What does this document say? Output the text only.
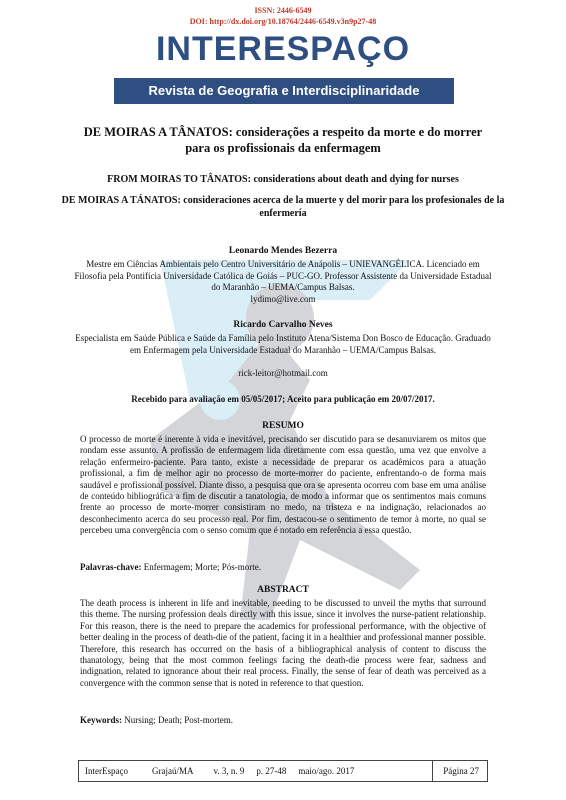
ISSN: 2446-6549
DOI: http://dx.doi.org/10.18764/2446-6549.v3n9p27-48
INTERESPAÇO
Revista de Geografia e Interdisciplinaridade
DE MOIRAS A TÂNATOS: considerações a respeito da morte e do morrer para os profissionais da enfermagem
FROM MOIRAS TO TÂNATOS: considerations about death and dying for nurses
DE MOIRAS A TÁNATOS: consideraciones acerca de la muerte y del morir para los profesionales de la enfermería
Leonardo Mendes Bezerra
Mestre em Ciências Ambientais pelo Centro Universitário de Anápolis – UNIEVANGÉLICA. Licenciado em Filosofia pela Pontifícia Universidade Católica de Goiás – PUC-GO. Professor Assistente da Universidade Estadual do Maranhão – UEMA/Campus Balsas.
lydimo@live.com
Ricardo Carvalho Neves
Especialista em Saúde Pública e Saúde da Família pelo Instituto Atena/Sistema Don Bosco de Educação. Graduado em Enfermagem pela Universidade Estadual do Maranhão – UEMA/Campus Balsas.
rick-leitor@hotmail.com
Recebido para avaliação em 05/05/2017; Aceito para publicação em 20/07/2017.
RESUMO
O processo de morte é inerente à vida e inevitável, precisando ser discutido para se desanuviarem os mitos que rondam esse assunto. A profissão de enfermagem lida diretamente com essa questão, uma vez que envolve a relação enfermeiro-paciente. Para tanto, existe a necessidade de preparar os acadêmicos para a atuação profissional, a fim de melhor agir no processo de morte-morrer do paciente, enfrentando-o de forma mais saudável e profissional possível. Diante disso, a pesquisa que ora se apresenta ocorreu com base em uma análise de conteúdo bibliográfica a fim de discutir a tanatologia, de modo a informar que os sentimentos mais comuns frente ao processo de morte-morrer consistiram no medo, na tristeza e na indignação, relacionados ao desconhecimento acerca do seu processo real. Por fim, destacou-se o sentimento de temor à morte, no qual se percebeu uma convergência com o senso comum que é notado em referência a essa questão.
Palavras-chave: Enfermagem; Morte; Pós-morte.
ABSTRACT
The death process is inherent in life and inevitable, needing to be discussed to unveil the myths that surround this theme. The nursing profession deals directly with this issue, since it involves the nurse-patient relationship. For this reason, there is the need to prepare the academics for professional performance, with the objective of better dealing in the process of death-die of the patient, facing it in a healthier and professional manner possible. Therefore, this research has occurred on the basis of a bibliographical analysis of content to discuss the thanatology, being that the most common feelings facing the death-die process were fear, sadness and indignation, related to ignorance about their real process. Finally, the sense of fear of death was perceived as a convergence with the common sense that is noted in reference to that question.
Keywords: Nursing; Death; Post-mortem.
InterEspaço	Grajaú/MA	v. 3, n. 9	p. 27-48	maio/ago. 2017	Página 27
